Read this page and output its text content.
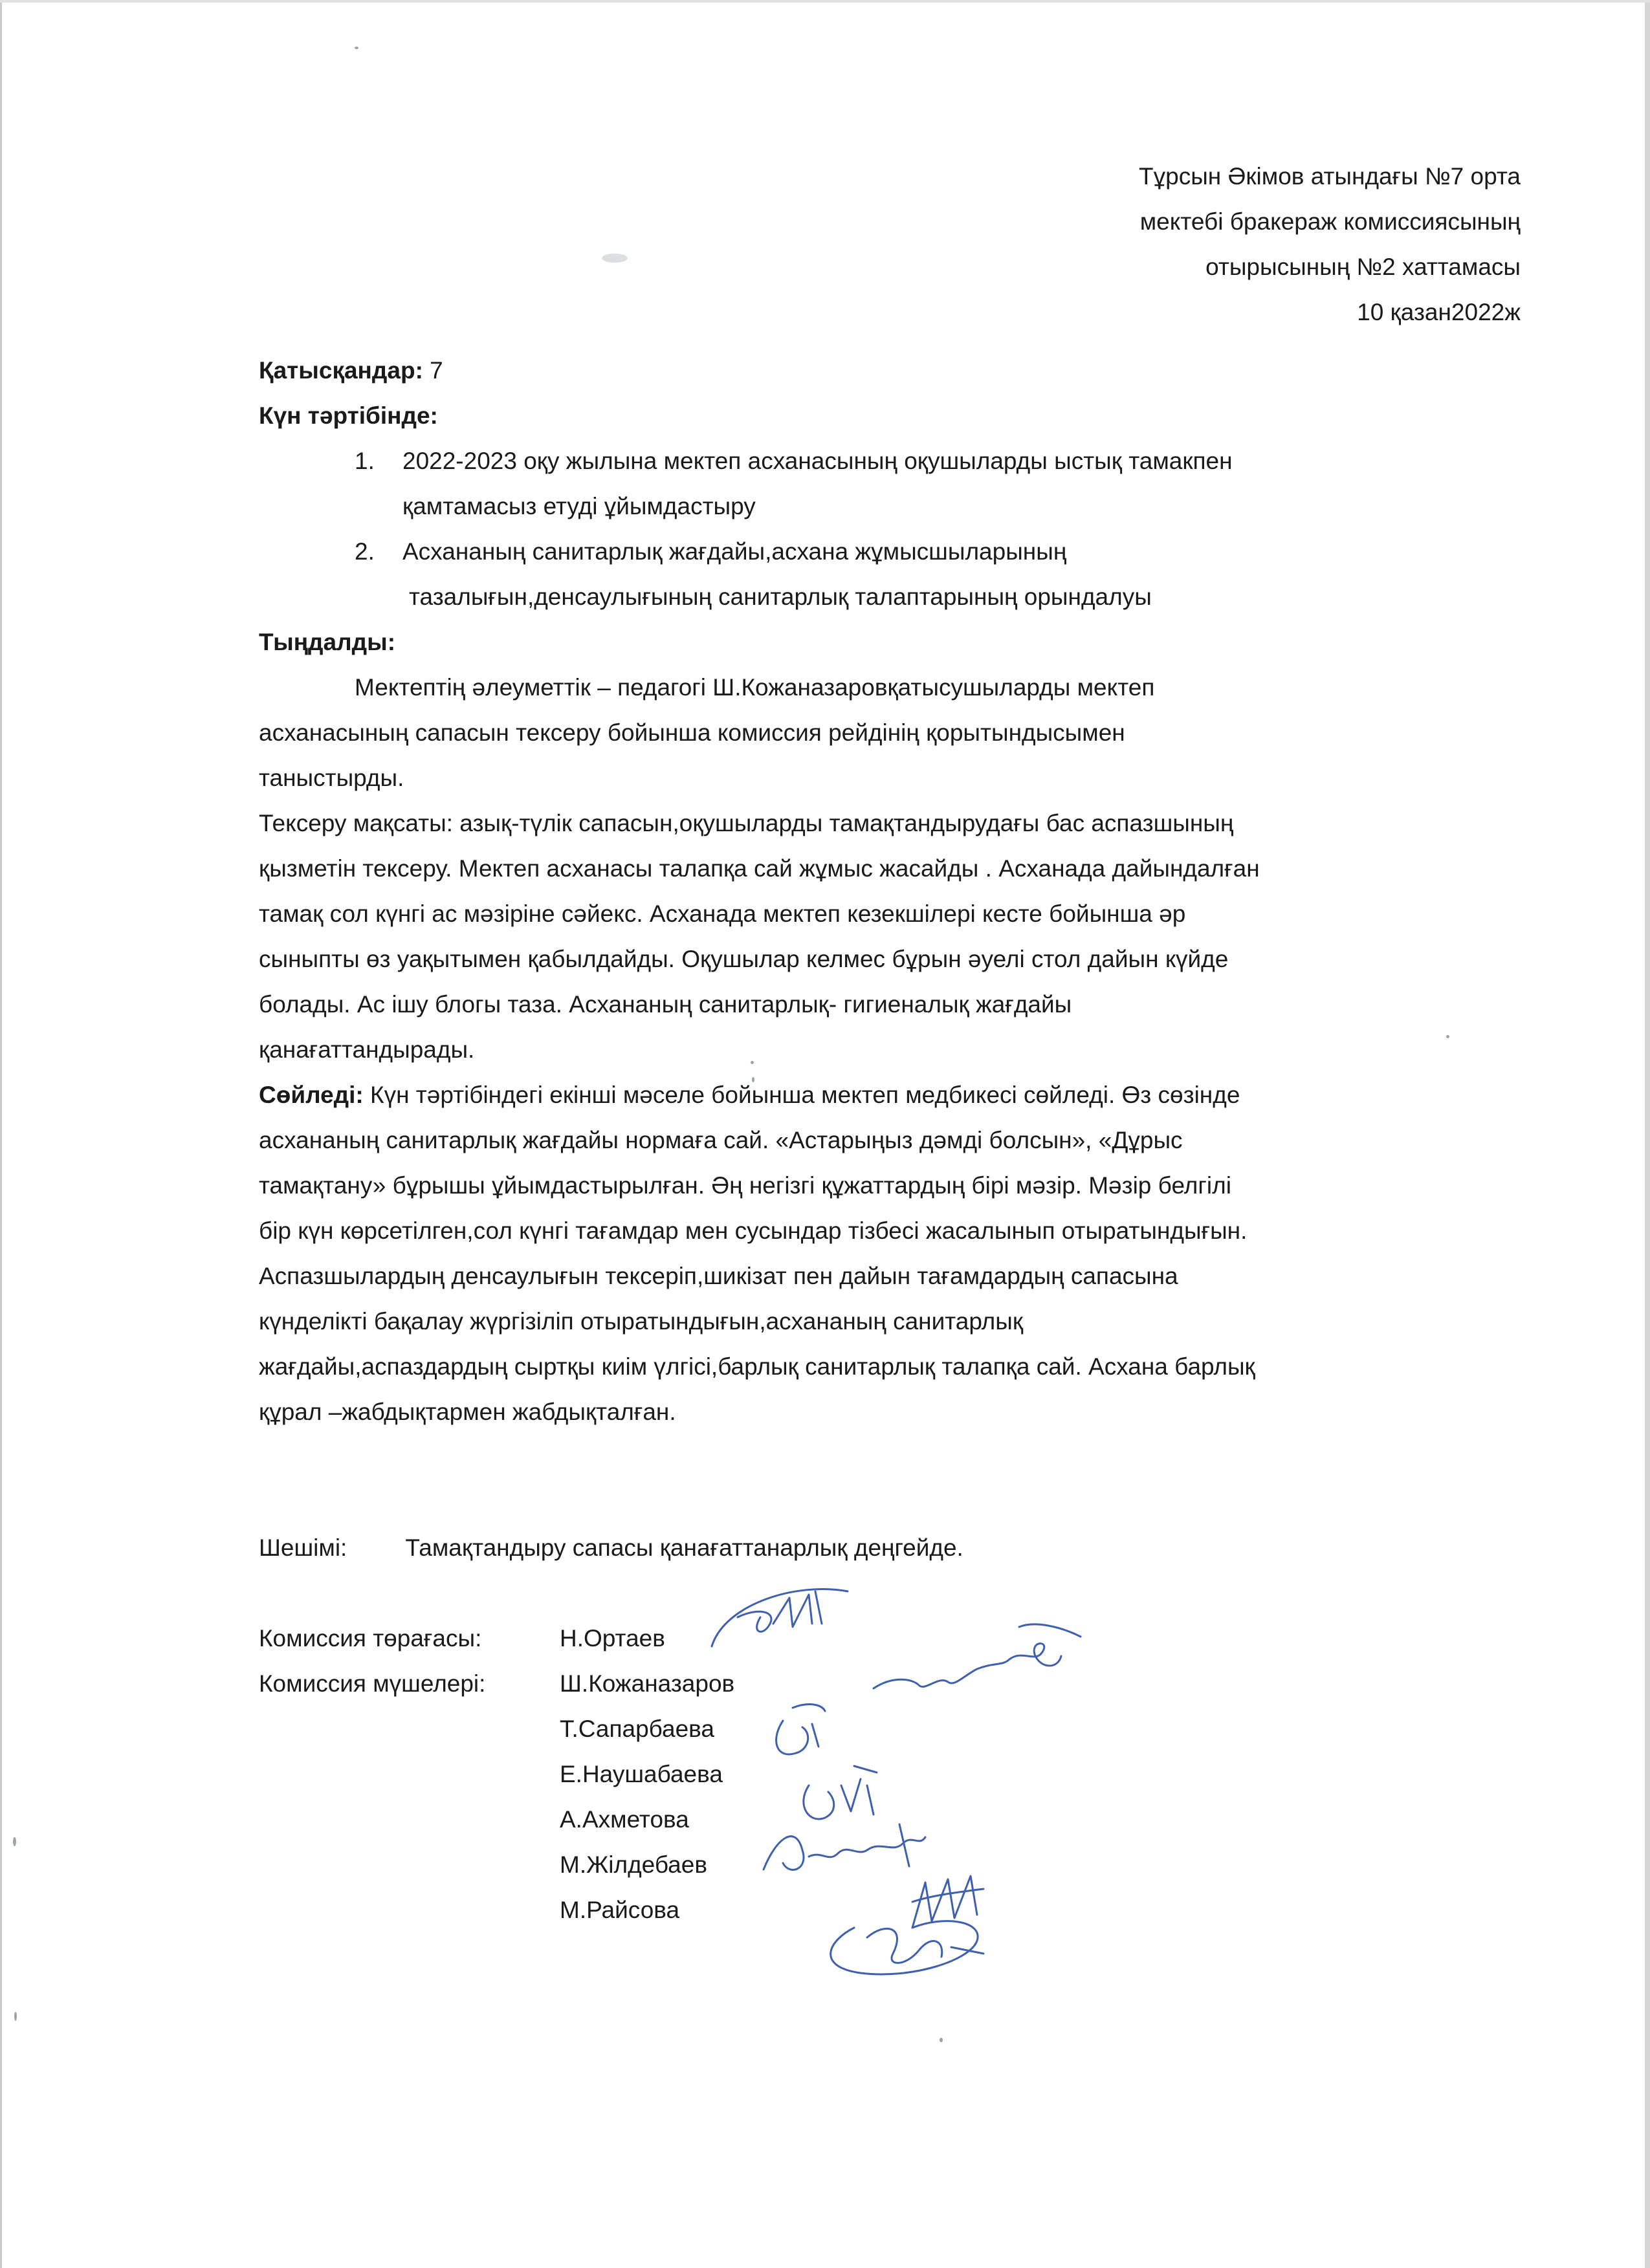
Тұрсын Әкімов атындағы №7 орта
мектебі бракераж комиссиясының
отырысының №2 хаттамасы
10 қазан2022ж
Қатысқандар: 7
Күн тәртібінде:
1. 2022-2023 оқу жылына мектеп асханасының оқушыларды ыстық тамакпен
қамтамасыз етуді ұйымдастыру
2. Асхананың санитарлық жағдайы,асхана жұмысшыларының
тазалығын,денсаулығының санитарлық талаптарының орындалуы
Тыңдалды:

Мектептің әлеуметтік – педагогі Ш.Кожаназаровқатысушыларды мектеп

асханасының сапасын тексеру бойынша комиссия рейдінің қорытындысымен

таныстырды.

Тексеру мақсаты: азық-түлік сапасын,оқушыларды тамақтандырудағы бас аспазшының

қызметін тексеру. Мектеп асханасы талапқа сай жұмыс жасайды . Асханада дайындалған

тамақ сол күнгі ас мәзіріне сәйекс. Асханада мектеп кезекшілері кесте бойынша әр

сыныпты өз уақытымен қабылдайды. Оқушылар келмес бұрын әуелі стол дайын күйде

болады. Ас ішу блогы таза. Асхананың санитарлық- гигиеналық жағдайы

қанағаттандырады.

Сөйледі: Күн тәртібіндегі екінші мәселе бойынша мектеп медбикесі сөйледі. Өз сөзінде

асхананың санитарлық жағдайы нормаға сай. «Астарыңыз дәмді болсын», «Дұрыс

тамақтану» бұрышы ұйымдастырылған. Әң негізгі құжаттардың бірі мәзір. Мәзір белгілі

бір күн көрсетілген,сол күнгі тағамдар мен сусындар тізбесі жасалынып отыратындығын.

Аспазшылардың денсаулығын тексеріп,шикізат пен дайын тағамдардың сапасына

күнделікті бақалау жүргізіліп отыратындығын,асхананың санитарлық

жағдайы,аспаздардың сыртқы киім үлгісі,барлық санитарлық талапқа сай. Асхана барлық

құрал –жабдықтармен жабдықталған.

Шешімі: Тамақтандыру сапасы қанағаттанарлық деңгейде.
Комиссия төрағасы:	Н.Ортаев
Комиссия мүшелері:	Ш.Кожаназаров
Т.Сапарбаева
Е.Наушабаева
А.Ахметова
М.Жілдебаев
М.Райсова
